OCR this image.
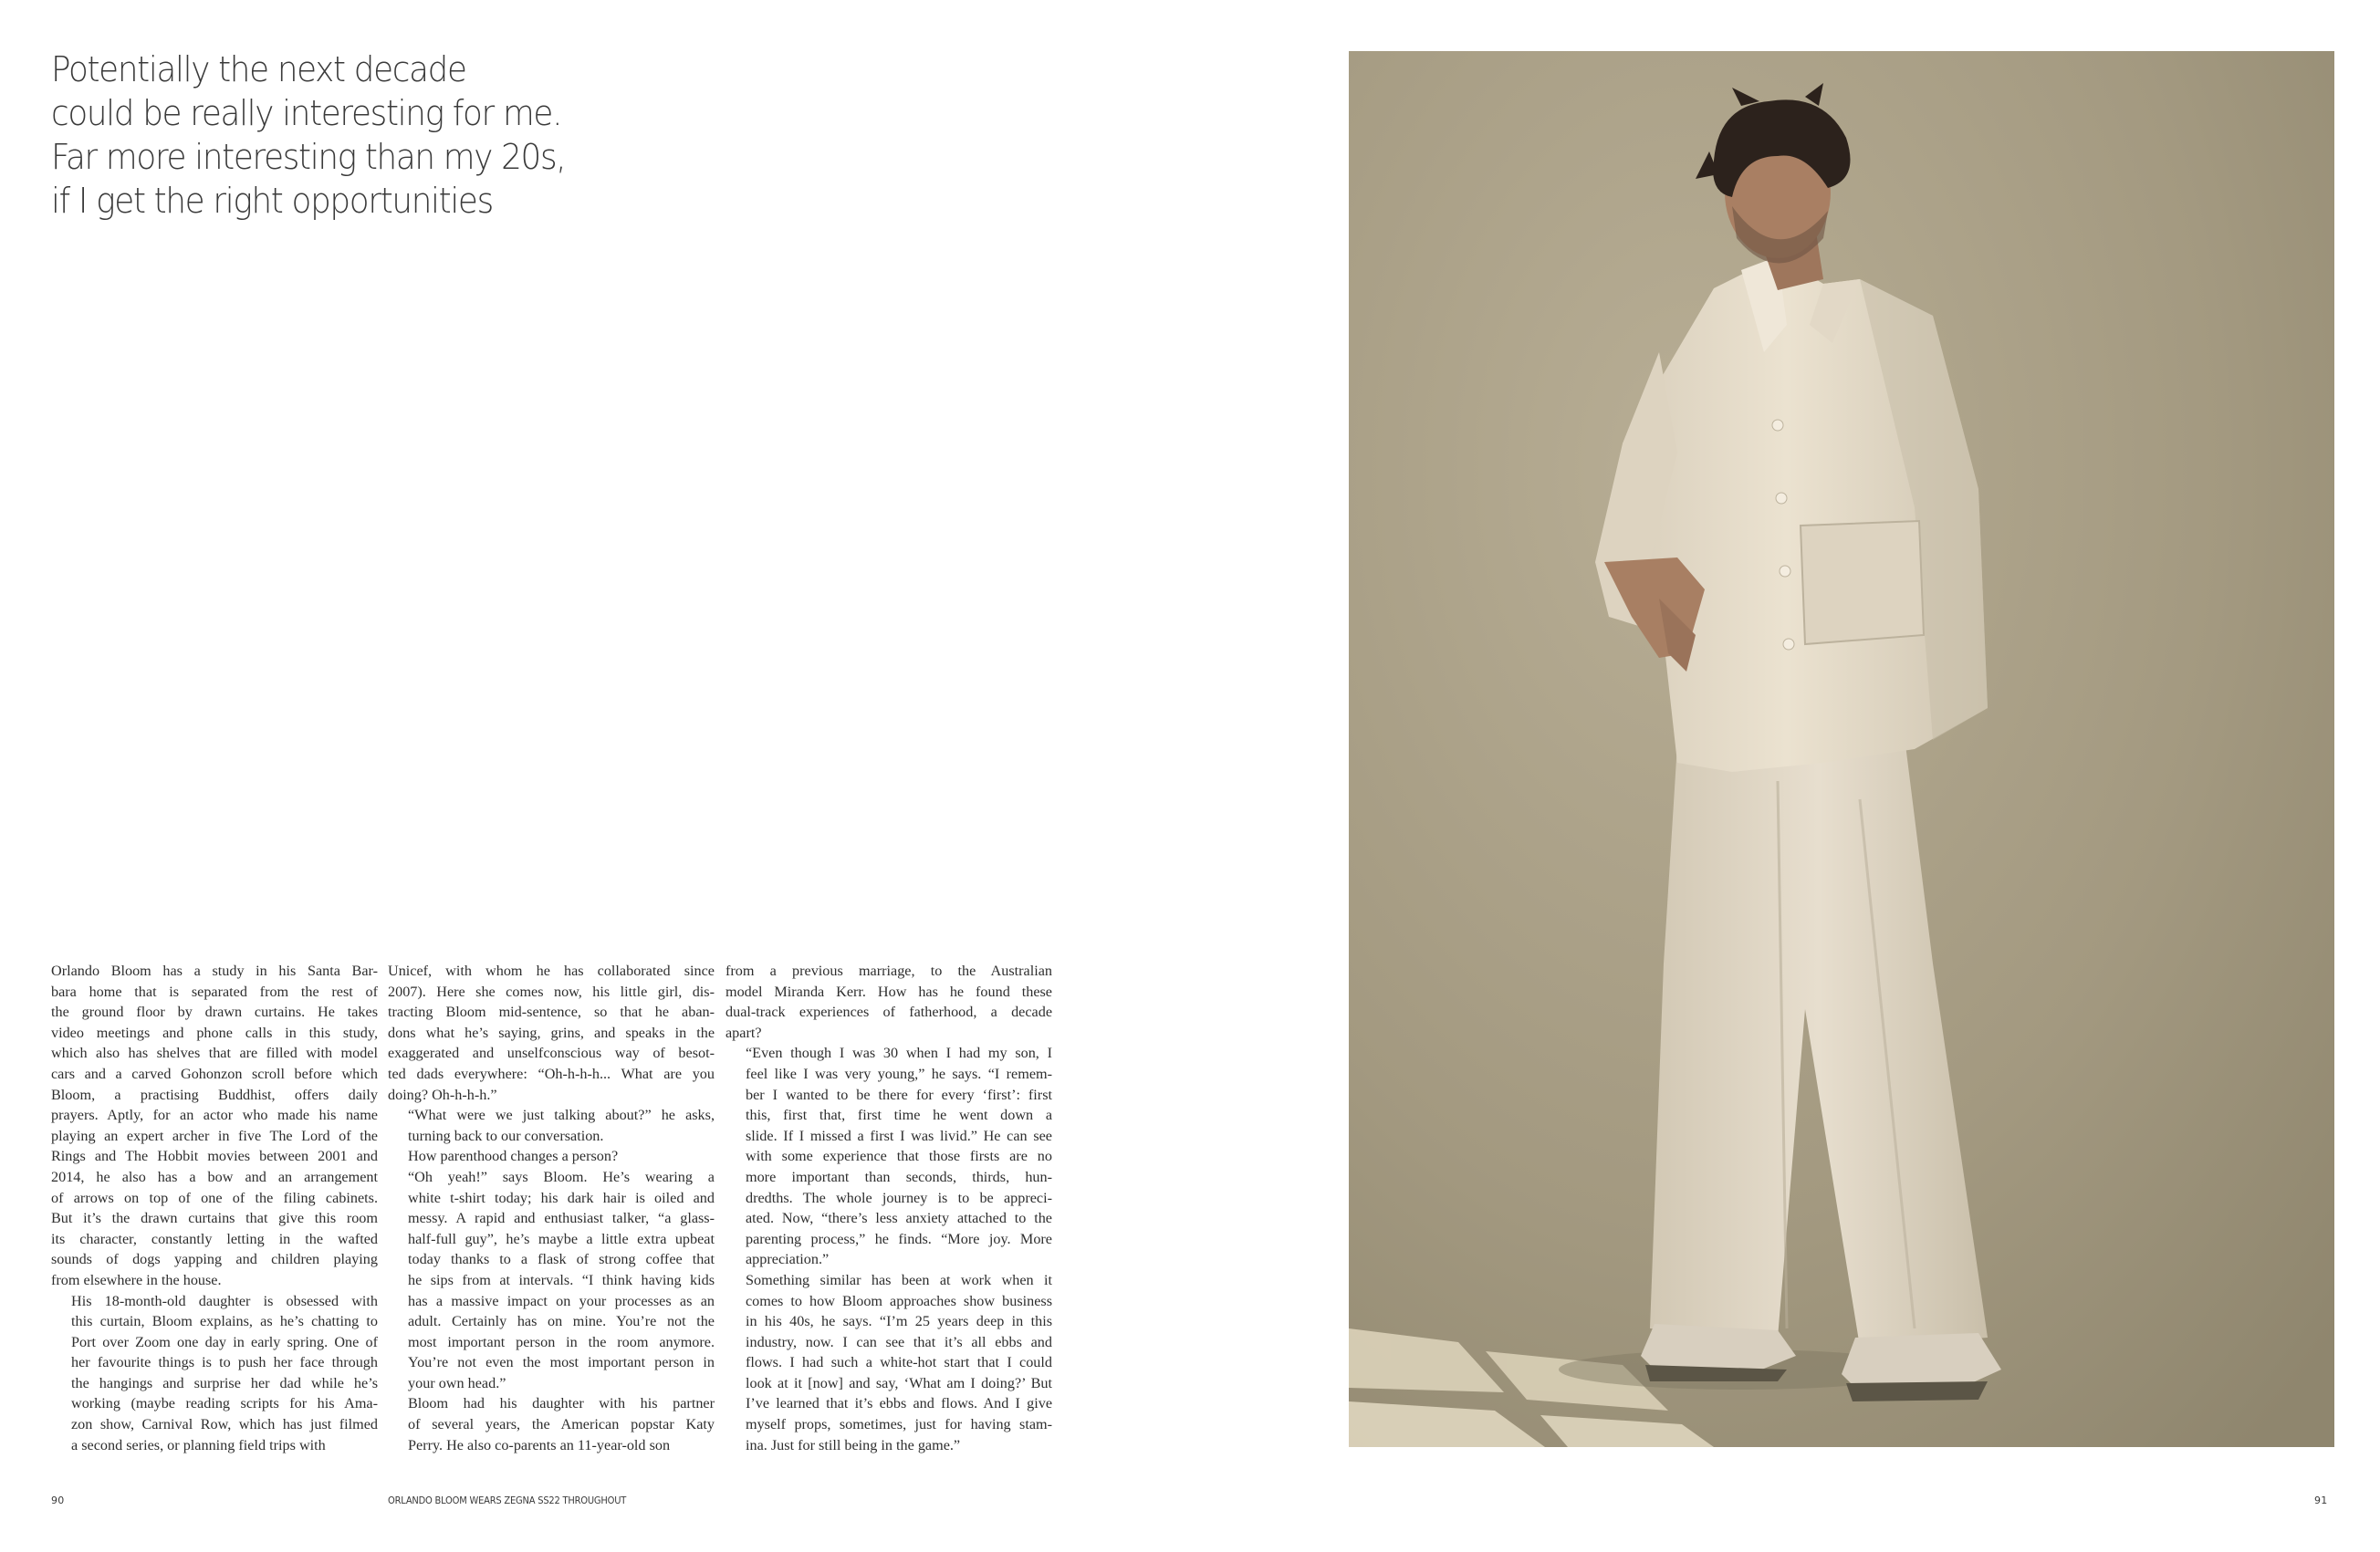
Potentially the next decade
could be really interesting for me.
Far more interesting than my 20s,
if I get the right opportunities

Orlando Bloom has a study in his Santa Bar-
bara home that is separated from the rest of
the ground floor by drawn curtains. He takes
video meetings and phone calls in this study,
which also has shelves that are filled with model
cars and a carved Gohonzon scroll before which
Bloom, a practising Buddhist, offers daily
prayers. Aptly, for an actor who made his name
playing an expert archer in five The Lord of the
Rings and The Hobbit movies between 2001 and
2014, he also has a bow and an arrangement
of arrows on top of one of the filing cabinets.
But it’s the drawn curtains that give this room
its character, constantly letting in the wafted
sounds of dogs yapping and children playing
from elsewhere in the house.

His 18-month-old daughter is obsessed with
this curtain, Bloom explains, as he’s chatting to
Port over Zoom one day in early spring. One of
her favourite things is to push her face through
the hangings and surprise her dad while he’s
working (maybe reading scripts for his Ama-
zon show, Carnival Row, which has just filmed
a second series, or planning field trips with

Unicef, with whom he has collaborated since
2007). Here she comes now, his little girl, dis-
tracting Bloom mid-sentence, so that he aban-
dons what he’s saying, grins, and speaks in the
exaggerated and unselfconscious way of besot-
ted dads everywhere: “Oh-h-h-h... What are you
doing? Oh-h-h-h.”

“What were we just talking about?” he asks,
turning back to our conversation.

How parenthood changes a person?

“Oh yeah!” says Bloom. He’s wearing a
white t-shirt today; his dark hair is oiled and
messy. A rapid and enthusiast talker, “a glass-
half-full guy”, he’s maybe a little extra upbeat
today thanks to a flask of strong coffee that
he sips from at intervals. “I think having kids
has a massive impact on your processes as an
adult. Certainly has on mine. You’re not the
most important person in the room anymore.
You’re not even the most important person in
your own head.”

Bloom had his daughter with his partner
of several years, the American popstar Katy
Perry. He also co-parents an 11-year-old son

from a previous marriage, to the Australian
model Miranda Kerr. How has he found these
dual-track experiences of fatherhood, a decade
apart?

“Even though I was 30 when I had my son, I
feel like I was very young,” he says. “I remem-
ber I wanted to be there for every ‘first’: first
this, first that, first time he went down a
slide. If I missed a first I was livid.” He can see
with some experience that those firsts are no
more important than seconds, thirds, hun-
dredths. The whole journey is to be appreci-
ated. Now, “there’s less anxiety attached to the
parenting process,” he finds. “More joy. More
appreciation.”

Something similar has been at work when it
comes to how Bloom approaches show business
in his 40s, he says. “I’m 25 years deep in this
industry, now. I can see that it’s all ebbs and
flows. I had such a white-hot start that I could
look at it [now] and say, ‘What am I doing?’ But
I’ve learned that it’s ebbs and flows. And I give
myself props, sometimes, just for having stam-
ina. Just for still being in the game.”

90	ORLANDO BLOOM WEARS ZEGNA SS22 THROUGHOUT	91
